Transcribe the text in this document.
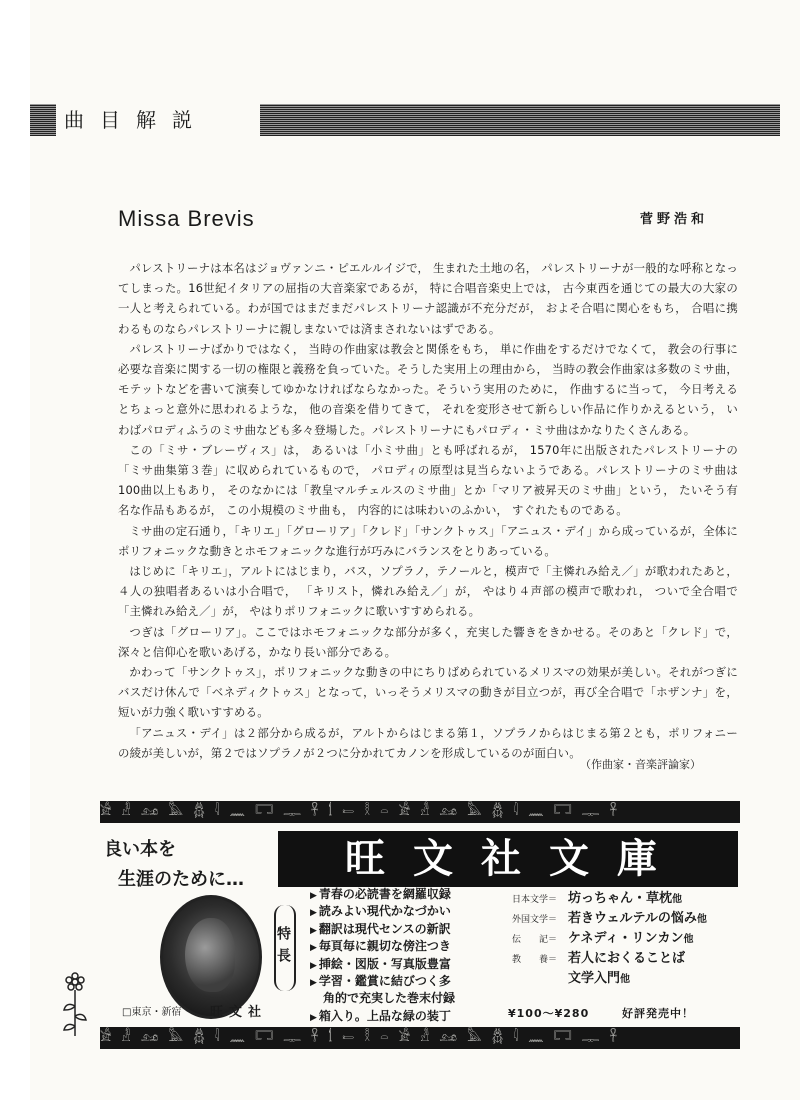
曲目解説
Missa Brevis	菅野浩和

パレストリーナは本名はジョヴァンニ・ピエルルイジで， 生まれた土地の名， パレストリーナが一般的な呼称となってしまった。16世紀イタリアの屈指の大音楽家であるが， 特に合唱音楽史上では， 古今東西を通じての最大の大家の一人と考えられている。わが国ではまだまだパレストリーナ認識が不充分だが， およそ合唱に関心をもち， 合唱に携わるものならパレストリーナに親しまないでは済まされないはずである。

パレストリーナばかりではなく， 当時の作曲家は教会と関係をもち， 単に作曲をするだけでなくて， 教会の行事に必要な音楽に関する一切の権限と義務を負っていた。そうした実用上の理由から， 当時の教会作曲家は多数のミサ曲， モテットなどを書いて演奏してゆかなければならなかった。そういう実用のために， 作曲するに当って， 今日考えるとちょっと意外に思われるような， 他の音楽を借りてきて， それを変形させて新らしい作品に作りかえるという， いわばパロディふうのミサ曲なども多々登場した。パレストリーナにもパロディ・ミサ曲はかなりたくさんある。

この「ミサ・ブレーヴィス」は， あるいは「小ミサ曲」とも呼ばれるが， 1570年に出版されたパレストリーナの「ミサ曲集第３巻」に収められているもので， パロディの原型は見当らないようである。パレストリーナのミサ曲は100曲以上もあり， そのなかには「教皇マルチェルスのミサ曲」とか「マリア被昇天のミサ曲」という， たいそう有名な作品もあるが， この小規模のミサ曲も， 内容的には味わいのふかい， すぐれたものである。

ミサ曲の定石通り，「キリエ」「グローリア」「クレド」「サンクトゥス」「アニュス・デイ」から成っているが，全体にポリフォニックな動きとホモフォニックな進行が巧みにバランスをとりあっている。

はじめに「キリエ」，アルトにはじまり，バス，ソプラノ，テノールと，模声で「主憐れみ給え／」が歌われたあと， ４人の独唱者あるいは小合唱で， 「キリスト，憐れみ給え／」が， やはり４声部の模声で歌われ， ついで全合唱で「主憐れみ給え／」が， やはりポリフォニックに歌いすすめられる。

つぎは「グローリア」。ここではホモフォニックな部分が多く，充実した響きをきかせる。そのあと「クレド」で，深々と信仰心を歌いあげる，かなり長い部分である。

かわって「サンクトゥス」，ポリフォニックな動きの中にちりばめられているメリスマの効果が美しい。それがつぎにバスだけ休んで「ベネディクトゥス」となって，いっそうメリスマの動きが目立つが，再び全合唱で「ホザンナ」を，短いが力強く歌いすすめる。

「アニュス・デイ」は２部分から成るが，アルトからはじまる第１，ソプラノからはじまる第２とも，ポリフォニーの綾が美しいが，第２ではソプラノが２つに分かれてカノンを形成しているのが面白い。

（作曲家・音楽評論家）
𓀀 𓁐 𓃭 𓅓 𓆣 𓇋 𓈖 𓉐 𓊃 𓋹 𓌀 𓍿 𓎛 𓏏 𓀀 𓁐 𓃭 𓅓 𓆣 𓇋 𓈖 𓉐 𓊃 𓋹
良い本を
生涯のために…	旺文社文庫
特長
▶ 青春の必読書を網羅収録
▶ 読みよい現代かなづかい
▶ 翻訳は現代センスの新訳
▶ 毎頁毎に親切な傍注つき
▶ 挿絵・図版・写真版豊富
▶ 学習・鑑賞に結びつく多
角的で充実した巻末付録
▶ 箱入り。上品な緑の装丁
日本文学＝ 坊っちゃん・草枕 他
外国文学＝ 若きウェルテルの悩み 他
伝　　記＝ ケネディ・リンカン 他
教　　養＝ 若人におくることば
文学入門 他
¥100～¥280	好評発売中！
□東京・新宿 旺文社
𓀀 𓁐 𓃭 𓅓 𓆣 𓇋 𓈖 𓉐 𓊃 𓋹 𓌀 𓍿 𓎛 𓏏 𓀀 𓁐 𓃭 𓅓 𓆣 𓇋 𓈖 𓉐 𓊃 𓋹
